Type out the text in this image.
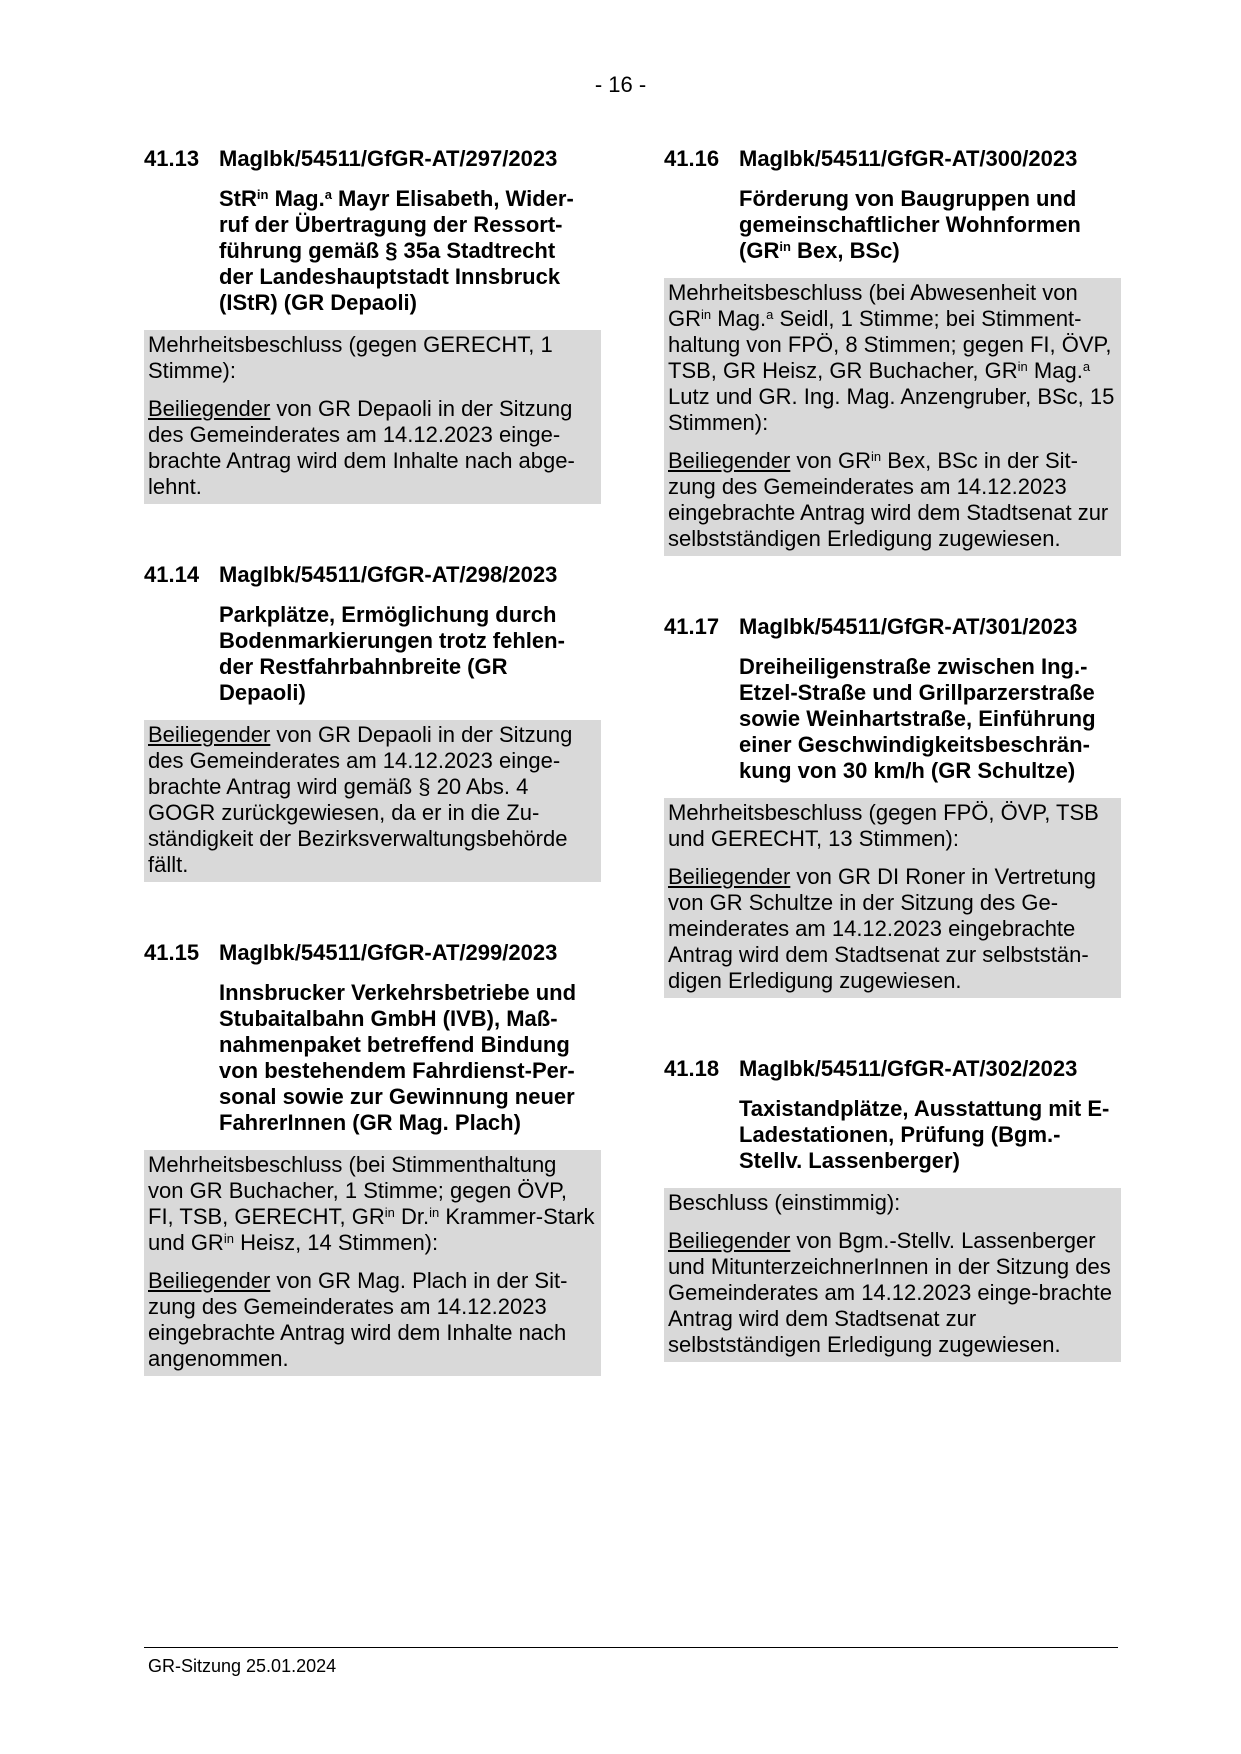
- 16 -
41.13 MagIbk/54511/GfGR-AT/297/2023
StR$^{in}$ Mag.$^a$ Mayr Elisabeth, Wider-ruf der Übertragung der Ressort-führung gemäß § 35a Stadtrecht der Landeshauptstadt Innsbruck (IStR) (GR Depaoli)

Mehrheitsbeschluss (gegen GERECHT, 1 Stimme):

Beiliegender von GR Depaoli in der Sitzung des Gemeinderates am 14.12.2023 einge-brachte Antrag wird dem Inhalte nach abge-lehnt.

41.14 MagIbk/54511/GfGR-AT/298/2023
Parkplätze, Ermöglichung durch Bodenmarkierungen trotz fehlen-der Restfahrbahnbreite (GR Depaoli)

Beiliegender von GR Depaoli in der Sitzung des Gemeinderates am 14.12.2023 einge-brachte Antrag wird gemäß § 20 Abs. 4 GOGR zurückgewiesen, da er in die Zu-ständigkeit der Bezirksverwaltungsbehörde fällt.

41.15 MagIbk/54511/GfGR-AT/299/2023
Innsbrucker Verkehrsbetriebe und Stubaitalbahn GmbH (IVB), Maß-nahmenpaket betreffend Bindung von bestehendem Fahrdienst-Per-sonal sowie zur Gewinnung neuer FahrerInnen (GR Mag. Plach)

Mehrheitsbeschluss (bei Stimmenthaltung von GR Buchacher, 1 Stimme; gegen ÖVP, FI, TSB, GERECHT, $GR^{in}$ Dr.$^{in}$ Krammer-Stark und $GR^{in}$ Heisz, 14 Stimmen):

Beiliegender von GR Mag. Plach in der Sit-zung des Gemeinderates am 14.12.2023 eingebrachte Antrag wird dem Inhalte nach angenommen.

41.16 MagIbk/54511/GfGR-AT/300/2023
Förderung von Baugruppen und gemeinschaftlicher Wohnformen ($GR^{in}$ Bex, BSc)

Mehrheitsbeschluss (bei Abwesenheit von $GR^{in}$ Mag.$^a$ Seidl, 1 Stimme; bei Stimment-haltung von FPÖ, 8 Stimmen; gegen FI, ÖVP, TSB, GR Heisz, GR Buchacher, $GR^{in}$ Mag.$^a$ Lutz und GR. Ing. Mag. Anzengruber, BSc, 15 Stimmen):

Beiliegender von $GR^{in}$ Bex, BSc in der Sit-zung des Gemeinderates am 14.12.2023 eingebrachte Antrag wird dem Stadtsenat zur selbstständigen Erledigung zugewiesen.

41.17 MagIbk/54511/GfGR-AT/301/2023
Dreiheiligenstraße zwischen Ing.-Etzel-Straße und Grillparzerstraße sowie Weinhartstraße, Einführung einer Geschwindigkeitsbeschrän-kung von 30 km/h (GR Schultze)

Mehrheitsbeschluss (gegen FPÖ, ÖVP, TSB und GERECHT, 13 Stimmen):

Beiliegender von GR DI Roner in Vertretung von GR Schultze in der Sitzung des Ge-meinderates am 14.12.2023 eingebrachte Antrag wird dem Stadtsenat zur selbststän-digen Erledigung zugewiesen.

41.18 MagIbk/54511/GfGR-AT/302/2023
Taxistandplätze, Ausstattung mit E-Ladestationen, Prüfung (Bgm.-Stellv. Lassenberger)

Beschluss (einstimmig):

Beiliegender von Bgm.-Stellv. Lassenberger und MitunterzeichnerInnen in der Sitzung des Gemeinderates am 14.12.2023 einge-brachte Antrag wird dem Stadtsenat zur selbstständigen Erledigung zugewiesen.

GR-Sitzung 25.01.2024
